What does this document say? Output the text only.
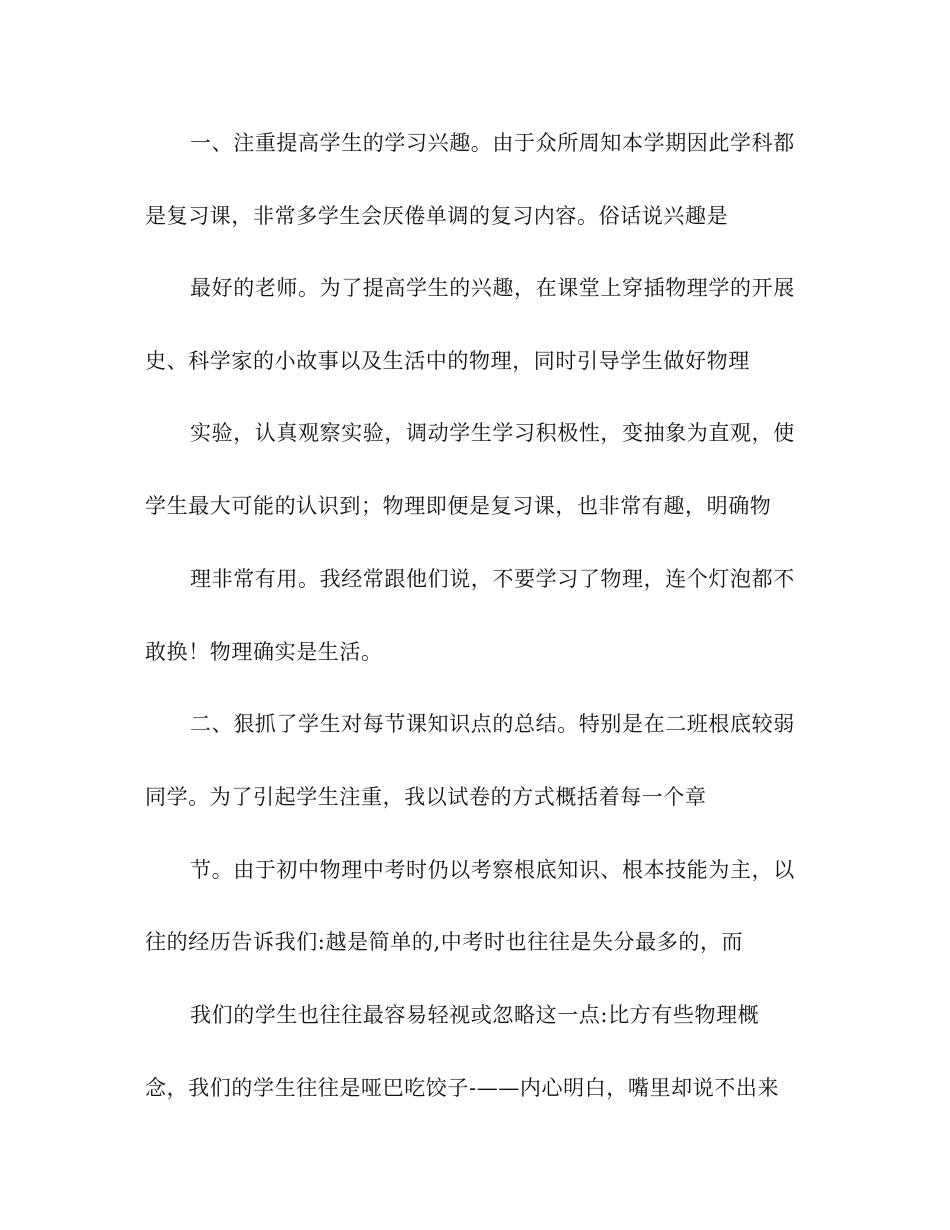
一、注重提高学生的学习兴趣。由于众所周知本学期因此学科都
是复习课，非常多学生会厌倦单调的复习内容。俗话说兴趣是
最好的老师。为了提高学生的兴趣，在课堂上穿插物理学的开展
史、科学家的小故事以及生活中的物理，同时引导学生做好物理
实验，认真观察实验，调动学生学习积极性，变抽象为直观，使
学生最大可能的认识到；物理即便是复习课，也非常有趣，明确物
理非常有用。我经常跟他们说，不要学习了物理，连个灯泡都不
敢换！物理确实是生活。
二、狠抓了学生对每节课知识点的总结。特别是在二班根底较弱
同学。为了引起学生注重，我以试卷的方式概括着每一个章
节。由于初中物理中考时仍以考察根底知识、根本技能为主，以
往的经历告诉我们:越是简单的,中考时也往往是失分最多的，而
我们的学生也往往最容易轻视或忽略这一点:比方有些物理概
念，我们的学生往往是哑巴吃饺子-——内心明白，嘴里却说不出来
